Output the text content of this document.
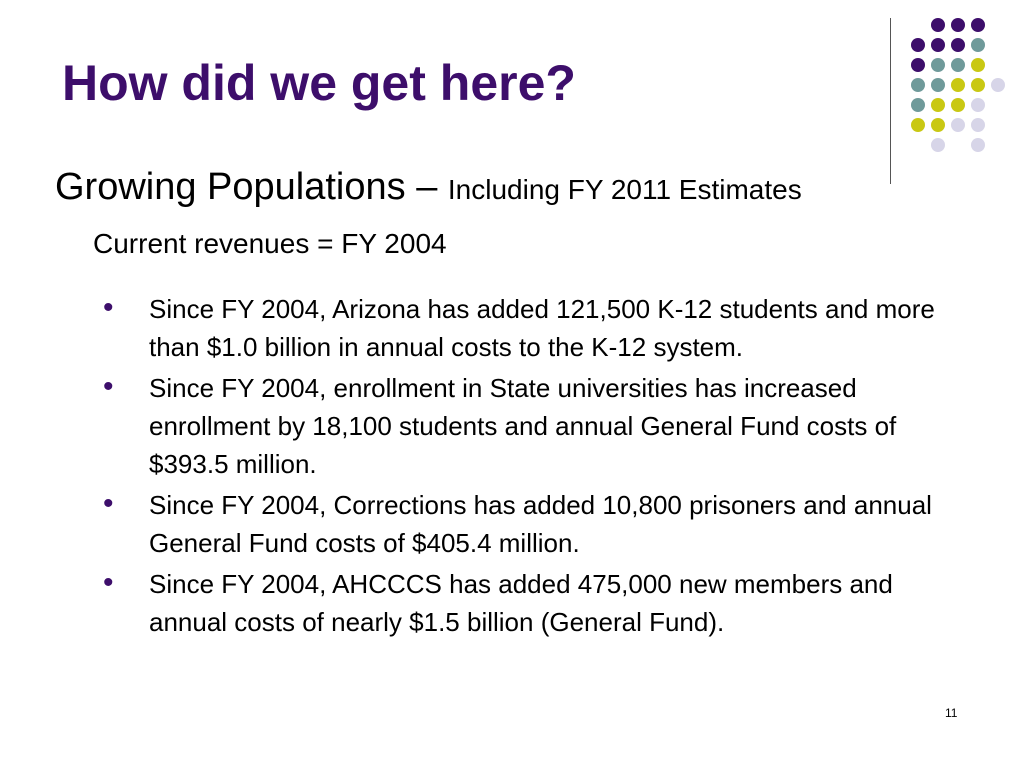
How did we get here?
Growing Populations – Including FY 2011 Estimates
Current revenues = FY 2004
• Since FY 2004, Arizona has added 121,500 K-12 students and more than $1.0 billion in annual costs to the K-12 system.
• Since FY 2004, enrollment in State universities has increased enrollment by 18,100 students and annual General Fund costs of $393.5 million.
• Since FY 2004, Corrections has added 10,800 prisoners and annual General Fund costs of $405.4 million.
• Since FY 2004, AHCCCS has added 475,000 new members and annual costs of nearly $1.5 billion (General Fund).
11
